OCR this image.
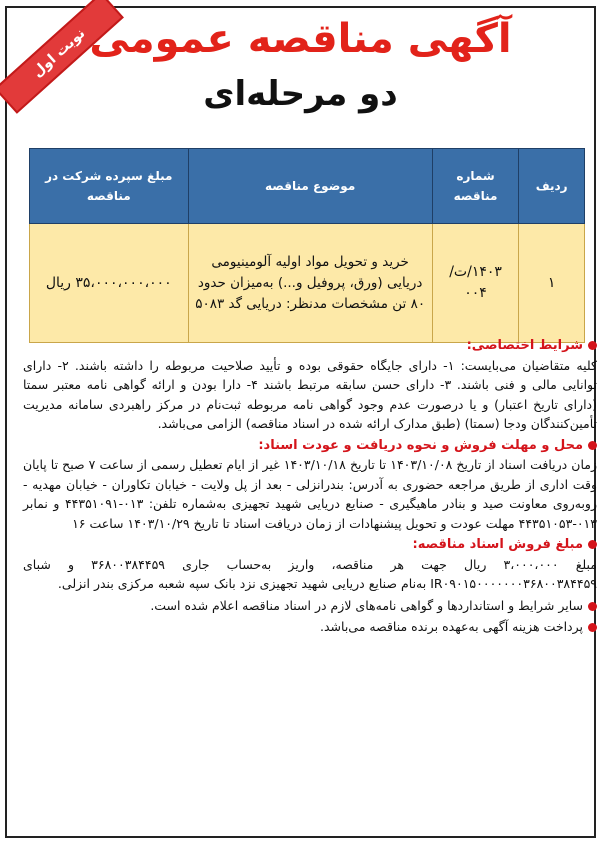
نوبت اول آگهی مناقصه عمومی
دو مرحله‌ای
ردیف	شماره مناقصه	موضوع مناقصه	مبلغ سپرده شرکت در مناقصه
۱	۱۴۰۳/ت/۰۰۴	خرید و تحویل مواد اولیه آلومینیومی دریایی (ورق، پروفیل و...) به‌میزان حدود ۸۰ تن مشخصات مدنظر: دریایی گد ۵۰۸۳	۳۵،۰۰۰،۰۰۰،۰۰۰ ریال
شرایط اختصاصی:

کلیه متقاضیان می‌بایست: ۱- دارای جایگاه حقوقی بوده و تأیید صلاحیت مربوطه را داشته باشند. ۲- دارای توانایی مالی و فنی باشند. ۳- دارای حسن سابقه مرتبط باشند ۴- دارا بودن و ارائه گواهی نامه معتبر سمتا (دارای تاریخ اعتبار) و یا درصورت عدم وجود گواهی نامه مربوطه ثبت‌نام در مرکز راهبردی سامانه مدیریت تأمین‌کنندگان ودجا (سمتا) (طبق مدارک ارائه شده در اسناد مناقصه) الزامی می‌باشد.

محل و مهلت فروش و نحوه دریافت و عودت اسناد:

زمان دریافت اسناد از تاریخ ۱۴۰۳/۱۰/۰۸ تا تاریخ ۱۴۰۳/۱۰/۱۸ غیر از ایام تعطیل رسمی از ساعت ۷ صبح تا پایان وقت اداری از طریق مراجعه حضوری به آدرس: بندرانزلی - بعد از پل ولایت - خیابان تکاوران - خیابان مهدیه - روبه‌روی معاونت صید و بنادر ماهیگیری - صنایع دریایی شهید تجهیزی به‌شماره تلفن: ۰۱۳-۴۴۳۵۱۰۹۱ و نمابر ۰۱۳-۴۴۳۵۱۰۵۳ مهلت عودت و تحویل پیشنهادات از زمان دریافت اسناد تا تاریخ ۱۴۰۳/۱۰/۲۹ ساعت ۱۶

مبلغ فروش اسناد مناقصه:

مبلغ ۳،۰۰۰،۰۰۰ ریال جهت هر مناقصه، واریز به‌حساب جاری ۳۶۸۰۰۳۸۴۴۵۹ و شبای IR۰۹۰۱۵۰۰۰۰۰۰۰۳۶۸۰۰۳۸۴۴۵۹ به‌نام صنایع دریایی شهید تجهیزی نزد بانک سپه شعبه مرکزی بندر انزلی.

سایر شرایط و استانداردها و گواهی نامه‌های لازم در اسناد مناقصه اعلام شده است.
پرداخت هزینه آگهی به‌عهده برنده مناقصه می‌باشد.
